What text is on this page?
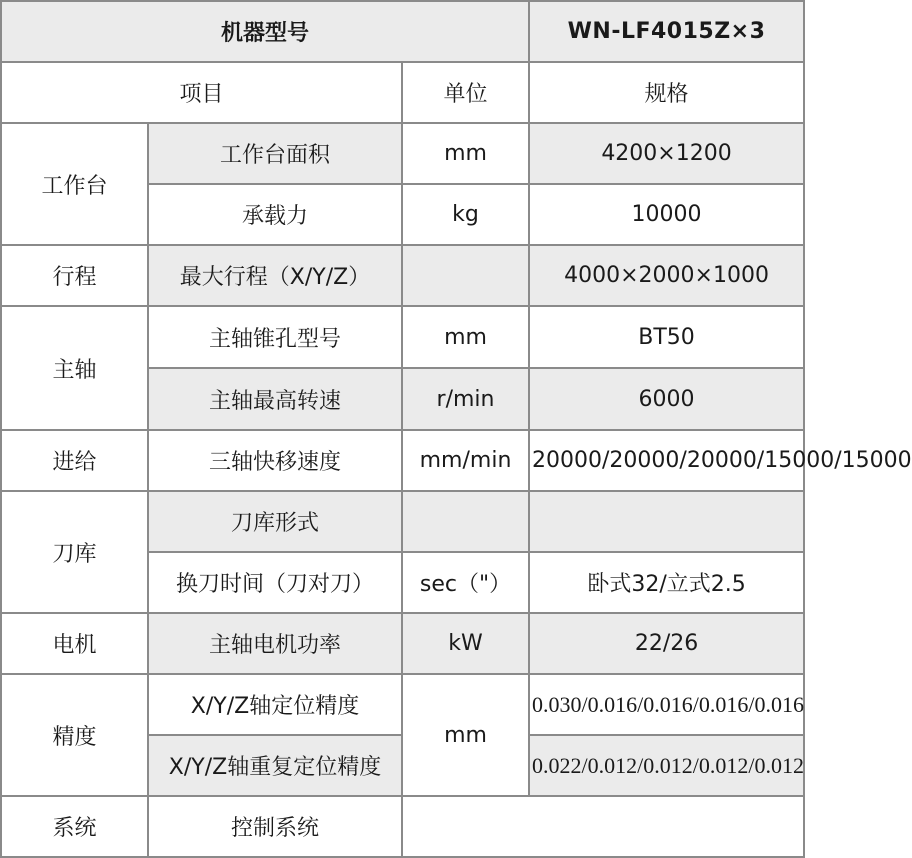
机器型号			WN-LF4015Z×3
项目		单位	规格
工作台	工作台面积	mm	4200×1200
	承载力	kg	10000
行程	最大行程（X/Y/Z）		4000×2000×1000
主轴	主轴锥孔型号	mm	BT50
	主轴最高转速	r/min	6000
进给	三轴快移速度	mm/min	20000/20000/20000/15000/15000
刀库	刀库形式		
	换刀时间（刀对刀）	sec（"）	卧式32/立式2.5
电机	主轴电机功率	kW	22/26
精度	X/Y/Z轴定位精度	mm	0.030/0.016/0.016/0.016/0.016
	X/Y/Z轴重复定位精度		0.022/0.012/0.012/0.012/0.012
系统	控制系统		
